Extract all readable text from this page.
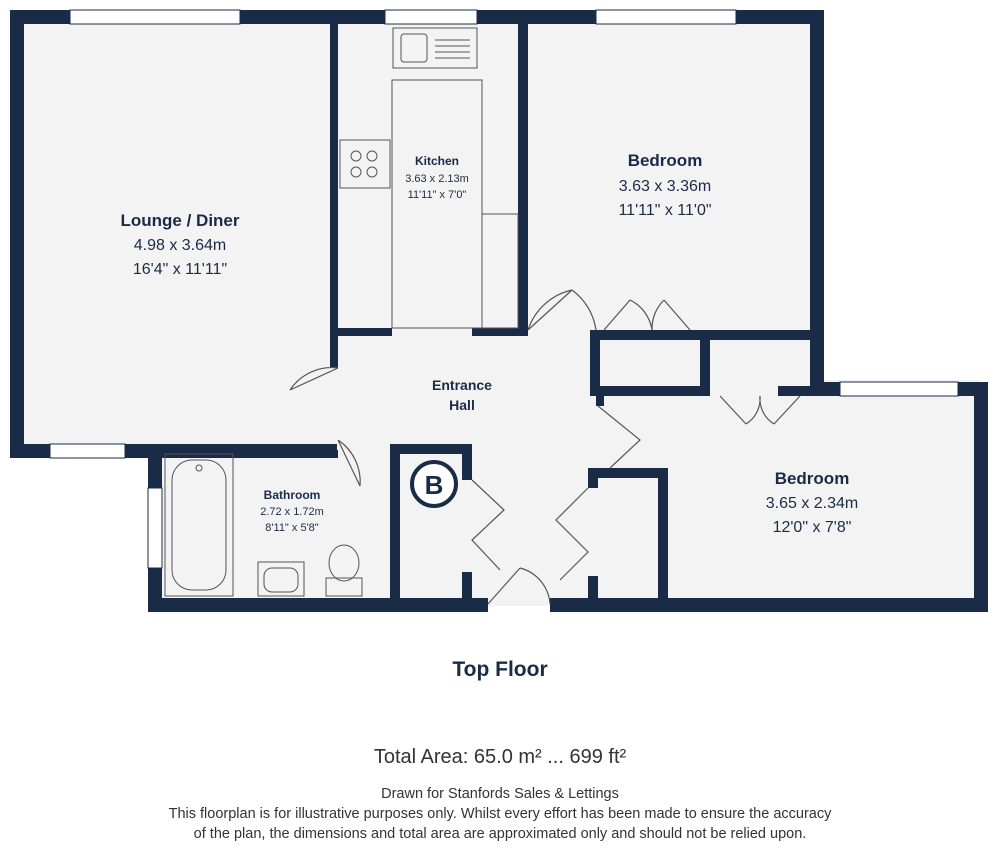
B
Lounge / Diner
4.98 x 3.64m
16'4" x 11'11"
Kitchen
3.63 x 2.13m
11'11" x 7'0"
Bedroom
3.63 x 3.36m
11'11" x 11'0"
Entrance
Hall
Bathroom
2.72 x 1.72m
8'11" x 5'8"
Bedroom
3.65 x 2.34m
12'0" x 7'8"
Top Floor
Total Area: 65.0 m² ... 699 ft²
Drawn for Stanfords Sales & Lettings
This floorplan is for illustrative purposes only. Whilst every effort has been made to ensure the accuracy
of the plan, the dimensions and total area are approximated only and should not be relied upon.
